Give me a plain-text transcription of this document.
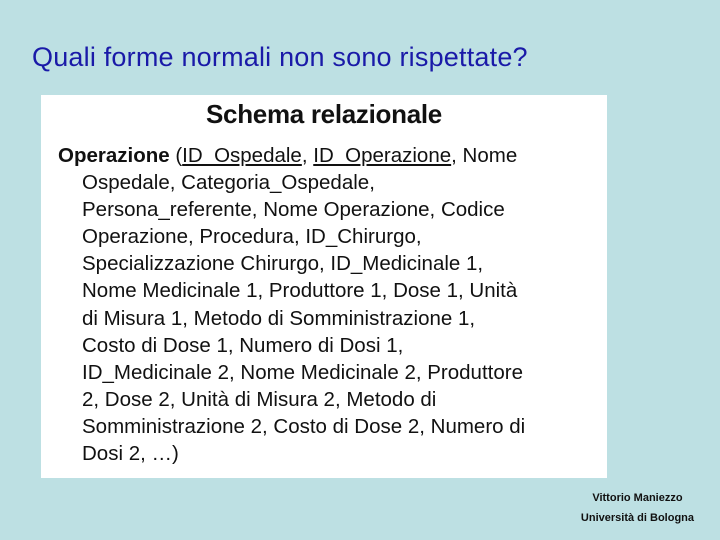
Quali forme normali non sono rispettate?
Schema relazionale
Operazione (ID_Ospedale, ID_Operazione, Nome
Ospedale, Categoria_Ospedale,
Persona_referente, Nome Operazione, Codice
Operazione, Procedura, ID_Chirurgo,
Specializzazione Chirurgo, ID_Medicinale 1,
Nome Medicinale 1, Produttore 1, Dose 1, Unità
di Misura 1, Metodo di Somministrazione 1,
Costo di Dose 1, Numero di Dosi 1,
ID_Medicinale 2, Nome Medicinale 2, Produttore
2, Dose 2, Unità di Misura 2, Metodo di
Somministrazione 2, Costo di Dose 2, Numero di
Dosi 2, …)
Vittorio Maniezzo
Università di Bologna
